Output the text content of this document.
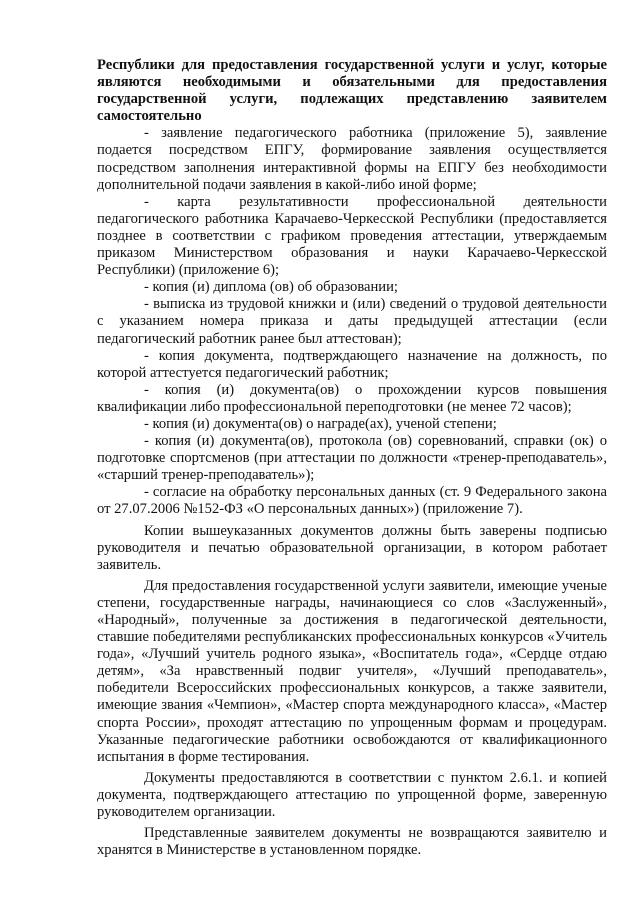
Республики для предоставления государственной услуги и услуг, которые являются необходимыми и обязательными для предоставления государственной услуги, подлежащих представлению заявителем самостоятельно

- заявление педагогического работника (приложение 5), заявление подается посредством ЕПГУ, формирование заявления осуществляется посредством заполнения интерактивной формы на ЕПГУ без необходимости дополнительной подачи заявления в какой-либо иной форме;

- карта результативности профессиональной деятельности педагогического работника Карачаево-Черкесской Республики (предоставляется позднее в соответствии с графиком проведения аттестации, утверждаемым приказом Министерством образования и науки Карачаево-Черкесской Республики) (приложение 6);

- копия (и) диплома (ов) об образовании;

- выписка из трудовой книжки и (или) сведений о трудовой деятельности с указанием номера приказа и даты предыдущей аттестации (если педагогический работник ранее был аттестован);

- копия документа, подтверждающего назначение на должность, по которой аттестуется педагогический работник;

- копия (и) документа(ов) о прохождении курсов повышения квалификации либо профессиональной переподготовки (не менее 72 часов);

- копия (и) документа(ов) о награде(ах), ученой степени;

- копия (и) документа(ов), протокола (ов) соревнований, справки (ок) о подготовке спортсменов (при аттестации по должности «тренер-преподаватель», «старший тренер-преподаватель»);

- согласие на обработку персональных данных (ст. 9 Федерального закона от 27.07.2006 №152-ФЗ «О персональных данных») (приложение 7).

Копии вышеуказанных документов должны быть заверены подписью руководителя и печатью образовательной организации, в котором работает заявитель.

Для предоставления государственной услуги заявители, имеющие ученые степени, государственные награды, начинающиеся со слов «Заслуженный», «Народный», полученные за достижения в педагогической деятельности, ставшие победителями республиканских профессиональных конкурсов «Учитель года», «Лучший учитель родного языка», «Воспитатель года», «Сердце отдаю детям», «За нравственный подвиг учителя», «Лучший преподаватель», победители Всероссийских профессиональных конкурсов, а также заявители, имеющие звания «Чемпион», «Мастер спорта международного класса», «Мастер спорта России», проходят аттестацию по упрощенным формам и процедурам. Указанные педагогические работники освобождаются от квалификационного испытания в форме тестирования.

Документы предоставляются в соответствии с пунктом 2.6.1. и копией документа, подтверждающего аттестацию по упрощенной форме, заверенную руководителем организации.

Представленные заявителем документы не возвращаются заявителю и хранятся в Министерстве в установленном порядке.
